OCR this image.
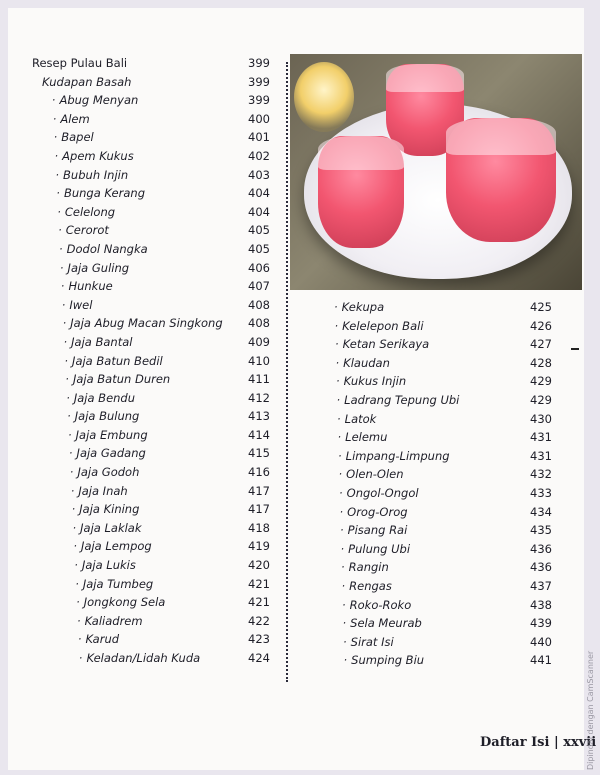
Resep Pulau Bali	399
Kudapan Basah	399
· Abug Menyan	399
· Alem	400
· Bapel	401
· Apem Kukus	402
· Bubuh Injin	403
· Bunga Kerang	404
· Celelong	404
· Cerorot	405
· Dodol Nangka	405
· Jaja Guling	406
· Hunkue	407
· Iwel	408
· Jaja Abug Macan Singkong 408
· Jaja Bantal	409
· Jaja Batun Bedil	410
· Jaja Batun Duren	411
· Jaja Bendu	412
· Jaja Bulung	413
· Jaja Embung	414
· Jaja Gadang	415
· Jaja Godoh	416
· Jaja Inah	417
· Jaja Kining	417
· Jaja Laklak	418
· Jaja Lempog	419
· Jaja Lukis	420
· Jaja Tumbeg	421
· Jongkong Sela	421
· Kaliadrem	422
· Karud	423
· Keladan/Lidah Kuda	424
· Kekupa	425
· Kelelepon Bali	426
· Ketan Serikaya	427
· Klaudan	428
· Kukus Injin	429
· Ladrang Tepung Ubi	429
· Latok	430
· Lelemu	431
· Limpang-Limpung	431
· Olen-Olen	432
· Ongol-Ongol	433
· Orog-Orog	434
· Pisang Rai	435
· Pulung Ubi	436
· Rangin	436
· Rengas	437
· Roko-Roko	438
· Sela Meurab	439
· Sirat Isi	440
· Sumping Biu	441
Daftar Isi | xxvii
Dipindai dengan CamScanner
